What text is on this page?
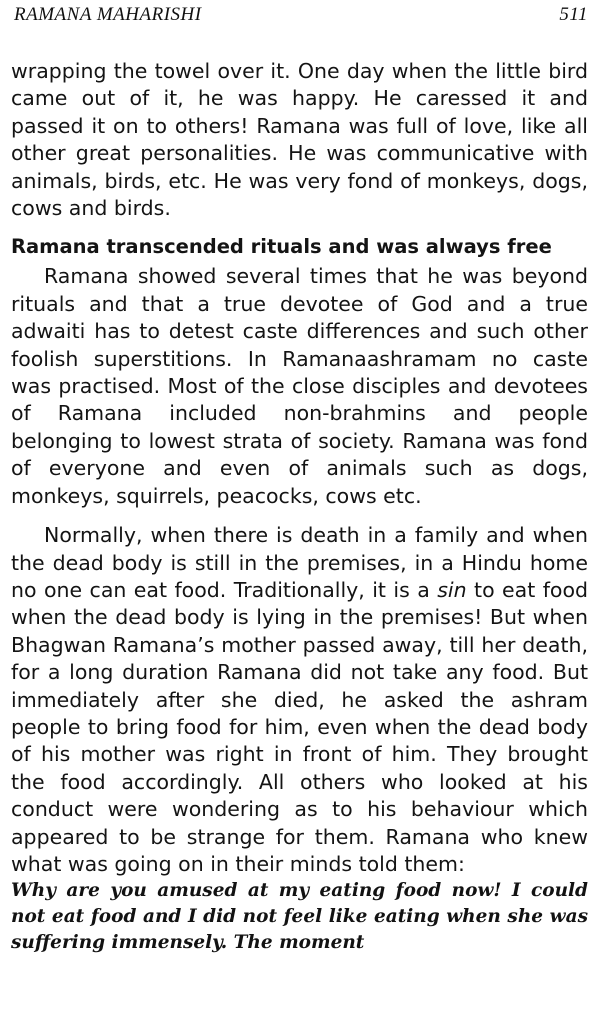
RAMANA MAHARISHI	511

wrapping the towel over it. One day when the little bird came out of it, he was happy. He caressed it and passed it on to others! Ramana was full of love, like all other great personalities. He was communicative with animals, birds, etc. He was very fond of monkeys, dogs, cows and birds.

Ramana transcended rituals and was always free

Ramana showed several times that he was beyond rituals and that a true devotee of God and a true adwaiti has to detest caste differences and such other foolish superstitions. In Ramanaashramam no caste was practised. Most of the close disciples and devotees of Ramana included non-brahmins and people belonging to lowest strata of society. Ramana was fond of everyone and even of animals such as dogs, monkeys, squirrels, peacocks, cows etc.

Normally, when there is death in a family and when the dead body is still in the premises, in a Hindu home no one can eat food. Traditionally, it is a sin to eat food when the dead body is lying in the premises! But when Bhagwan Ramana’s mother passed away, till her death, for a long duration Ramana did not take any food. But immediately after she died, he asked the ashram people to bring food for him, even when the dead body of his mother was right in front of him. They brought the food accordingly. All others who looked at his conduct were wondering as to his behaviour which appeared to be strange for them. Ramana who knew what was going on in their minds told them:

Why are you amused at my eating food now! I could not eat food and I did not feel like eating when she was suffering immensely. The moment
